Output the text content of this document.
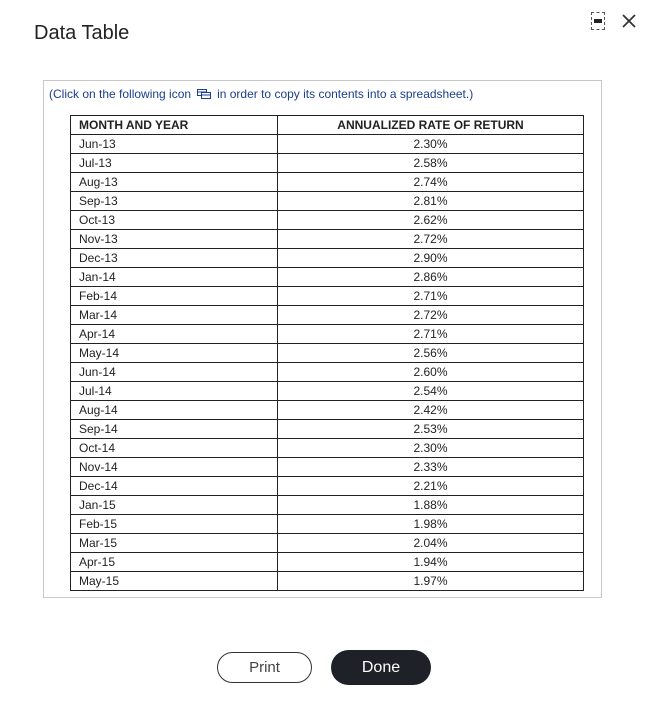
Data Table
(Click on the following icon in order to copy its contents into a spreadsheet.)
MONTH AND YEAR	ANNUALIZED RATE OF RETURN
Jun-13	2.30%
Jul-13	2.58%
Aug-13	2.74%
Sep-13	2.81%
Oct-13	2.62%
Nov-13	2.72%
Dec-13	2.90%
Jan-14	2.86%
Feb-14	2.71%
Mar-14	2.72%
Apr-14	2.71%
May-14	2.56%
Jun-14	2.60%
Jul-14	2.54%
Aug-14	2.42%
Sep-14	2.53%
Oct-14	2.30%
Nov-14	2.33%
Dec-14	2.21%
Jan-15	1.88%
Feb-15	1.98%
Mar-15	2.04%
Apr-15	1.94%
May-15	1.97%
Print	Done
